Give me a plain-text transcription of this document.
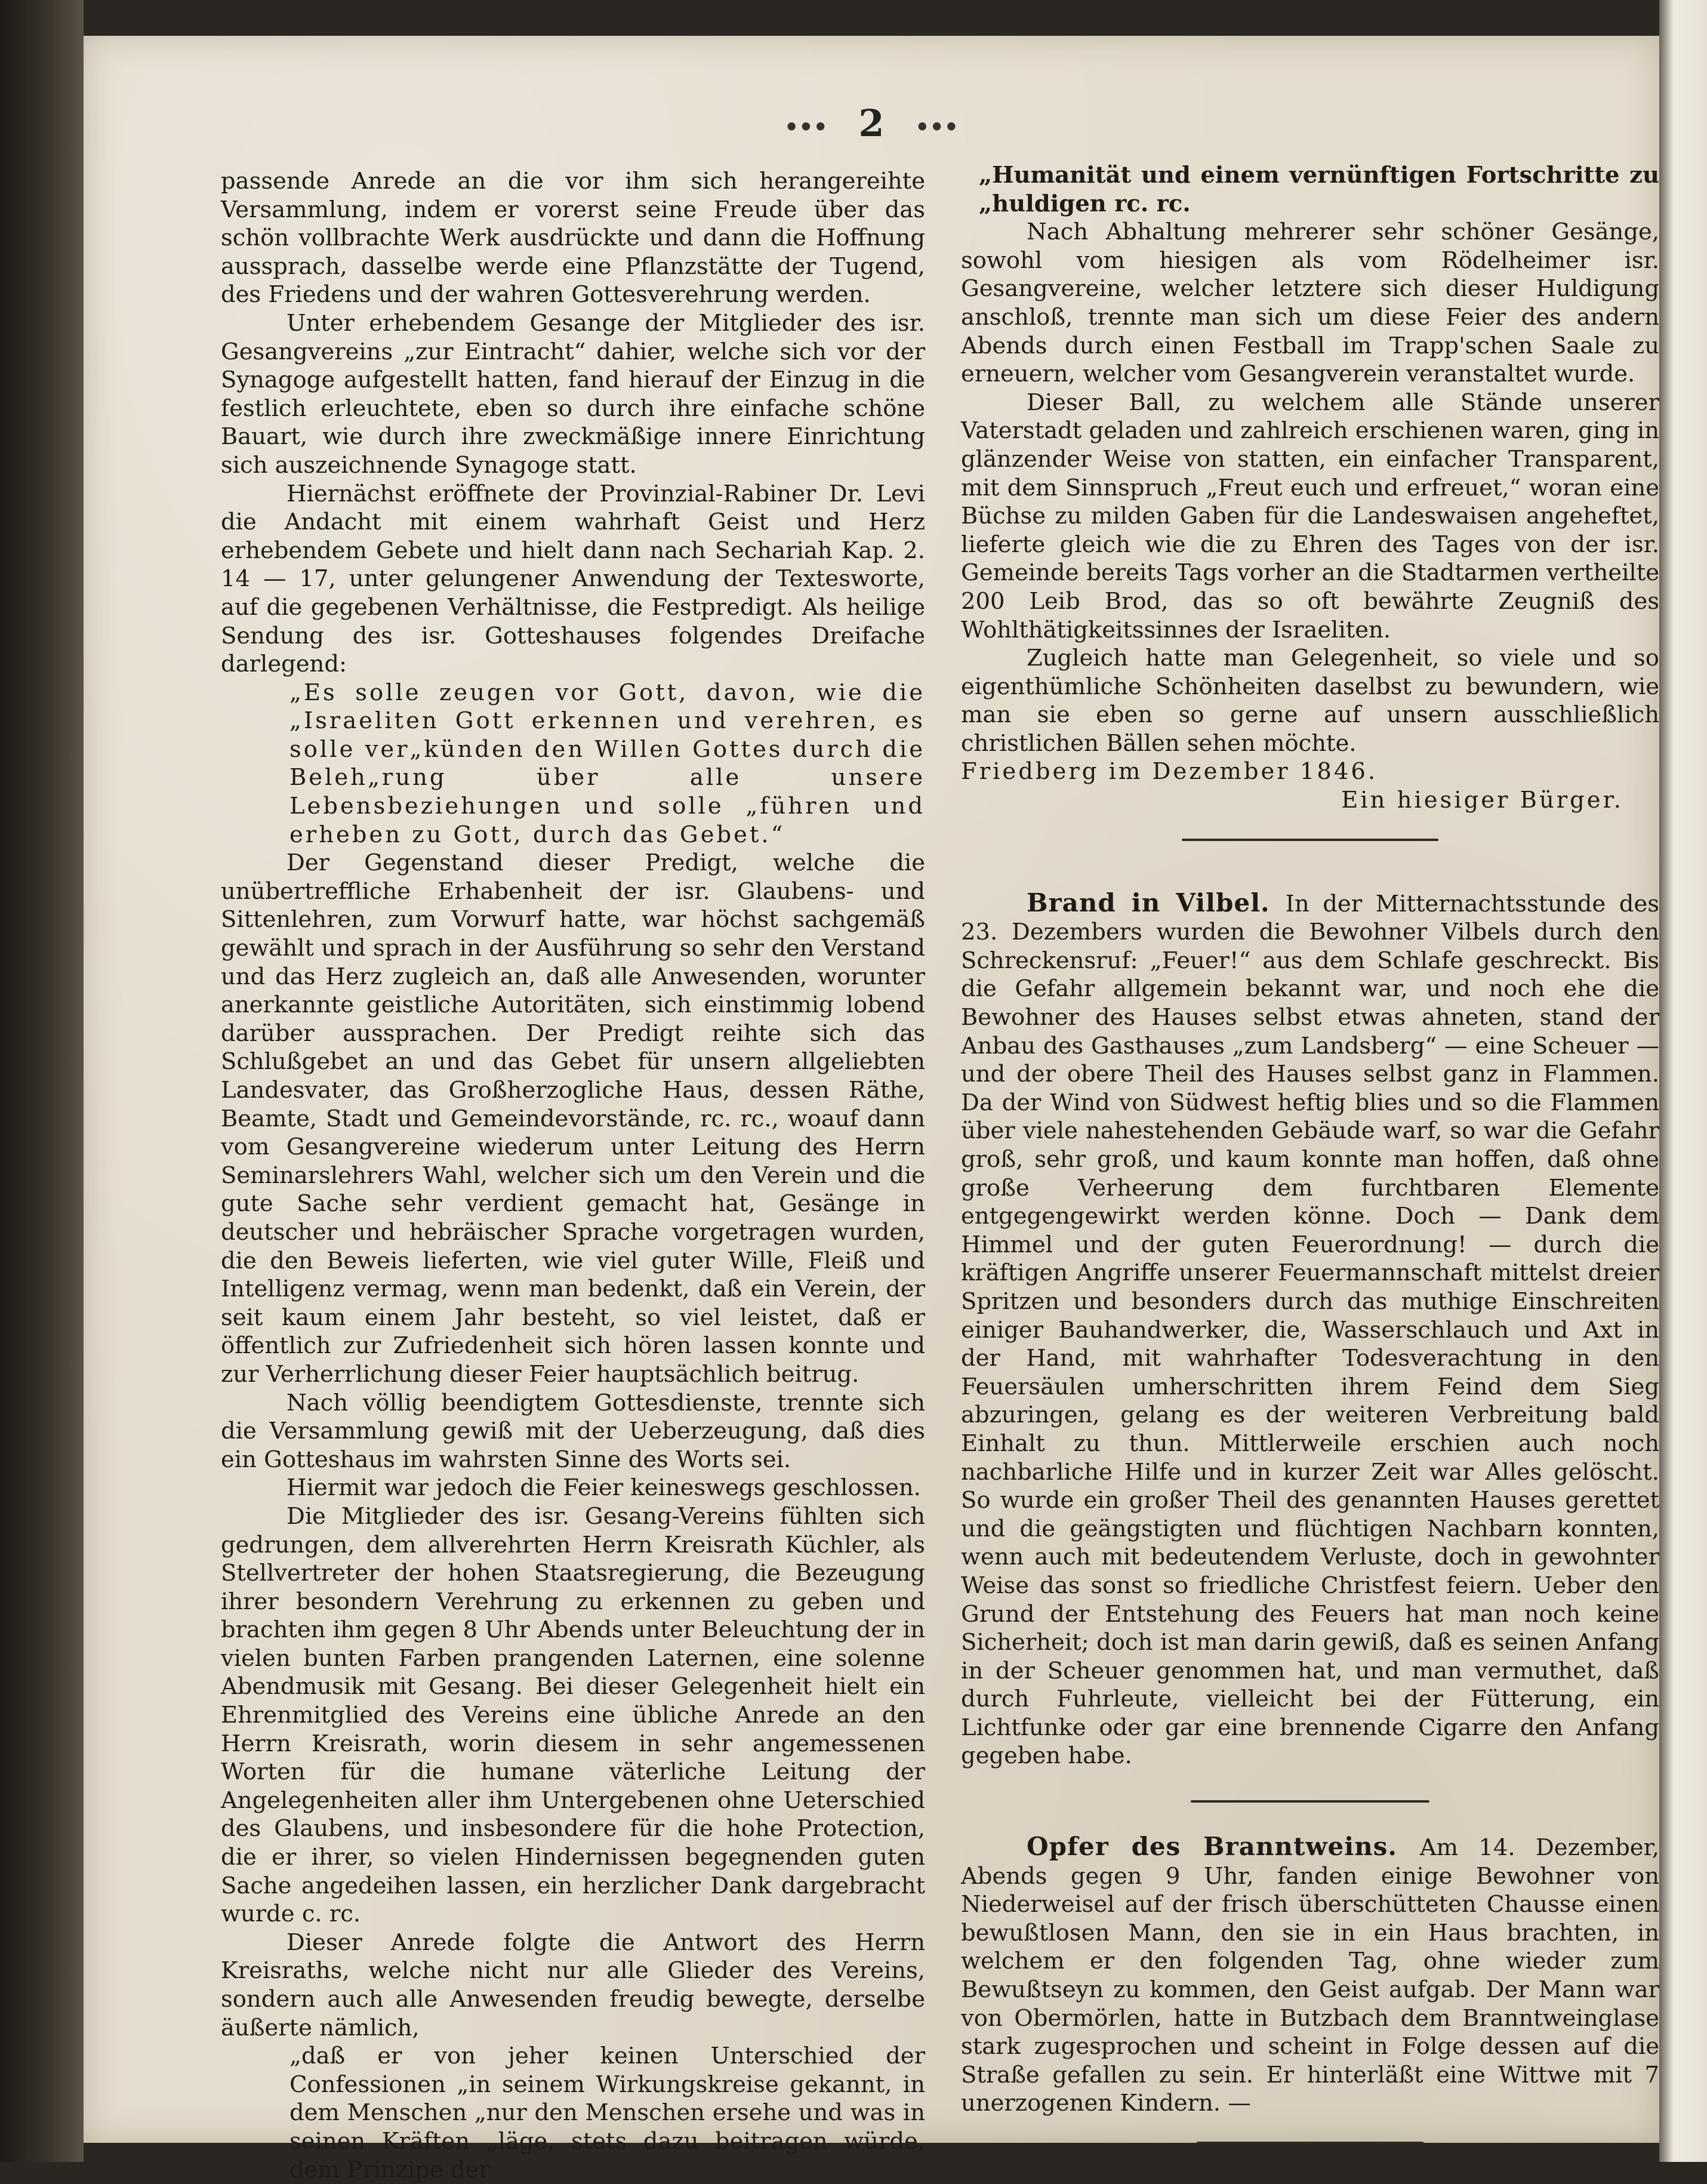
••• 2 •••

passende Anrede an die vor ihm sich herangereihte Versammlung, indem er vorerst seine Freude über das schön vollbrachte Werk ausdrückte und dann die Hoffnung aussprach, dasselbe werde eine Pflanzstätte der Tugend, des Friedens und der wahren Gottesverehrung werden.

Unter erhebendem Gesange der Mitglieder des isr. Gesangvereins „zur Eintracht“ dahier, welche sich vor der Synagoge aufgestellt hatten, fand hierauf der Einzug in die festlich erleuchtete, eben so durch ihre einfache schöne Bauart, wie durch ihre zweckmäßige innere Einrichtung sich auszeichnende Synagoge statt.

Hiernächst eröffnete der Provinzial-Rabiner Dr. Levi die Andacht mit einem wahrhaft Geist und Herz erhebendem Gebete und hielt dann nach Sechariah Kap. 2. 14 — 17, unter gelungener Anwendung der Textesworte, auf die gegebenen Verhältnisse, die Festpredigt. Als heilige Sendung des isr. Gotteshauses folgendes Dreifache darlegend:

„Es solle zeugen vor Gott, davon, wie die „Israeliten Gott erkennen und verehren, es solle ver„künden den Willen Gottes durch die Beleh„rung über alle unsere Lebensbeziehungen und solle „führen und erheben zu Gott, durch das Gebet.“

Der Gegenstand dieser Predigt, welche die unübertreffliche Erhabenheit der isr. Glaubens- und Sittenlehren, zum Vorwurf hatte, war höchst sachgemäß gewählt und sprach in der Ausführung so sehr den Verstand und das Herz zugleich an, daß alle Anwesenden, worunter anerkannte geistliche Autoritäten, sich einstimmig lobend darüber aussprachen. Der Predigt reihte sich das Schlußgebet an und das Gebet für unsern allgeliebten Landesvater, das Großherzogliche Haus, dessen Räthe, Beamte, Stadt und Gemeindevorstände, rc. rc., woauf dann vom Gesangvereine wiederum unter Leitung des Herrn Seminarslehrers Wahl, welcher sich um den Verein und die gute Sache sehr verdient gemacht hat, Gesänge in deutscher und hebräischer Sprache vorgetragen wurden, die den Beweis lieferten, wie viel guter Wille, Fleiß und Intelligenz vermag, wenn man bedenkt, daß ein Verein, der seit kaum einem Jahr besteht, so viel leistet, daß er öffentlich zur Zufriedenheit sich hören lassen konnte und zur Verherrlichung dieser Feier hauptsächlich beitrug.

Nach völlig beendigtem Gottesdienste, trennte sich die Versammlung gewiß mit der Ueberzeugung, daß dies ein Gotteshaus im wahrsten Sinne des Worts sei.

Hiermit war jedoch die Feier keineswegs geschlossen.

Die Mitglieder des isr. Gesang-Vereins fühlten sich gedrungen, dem allverehrten Herrn Kreisrath Küchler, als Stellvertreter der hohen Staatsregierung, die Bezeugung ihrer besondern Verehrung zu erkennen zu geben und brachten ihm gegen 8 Uhr Abends unter Beleuchtung der in vielen bunten Farben prangenden Laternen, eine solenne Abendmusik mit Gesang. Bei dieser Gelegenheit hielt ein Ehrenmitglied des Vereins eine übliche Anrede an den Herrn Kreisrath, worin diesem in sehr angemessenen Worten für die humane väterliche Leitung der Angelegenheiten aller ihm Untergebenen ohne Ueterschied des Glaubens, und insbesondere für die hohe Protection, die er ihrer, so vielen Hindernissen begegnenden guten Sache angedeihen lassen, ein herzlicher Dank dargebracht wurde c. rc.

Dieser Anrede folgte die Antwort des Herrn Kreisraths, welche nicht nur alle Glieder des Vereins, sondern auch alle Anwesenden freudig bewegte, derselbe äußerte nämlich,

„daß er von jeher keinen Unterschied der Confessionen „in seinem Wirkungskreise gekannt, in dem Menschen „nur den Menschen ersehe und was in seinen Kräften „läge, stets dazu beitragen würde, dem Prinzipe der

„Humanität und einem vernünftigen Fortschritte zu „huldigen rc. rc.

Nach Abhaltung mehrerer sehr schöner Gesänge, sowohl vom hiesigen als vom Rödelheimer isr. Gesangvereine, welcher letztere sich dieser Huldigung anschloß, trennte man sich um diese Feier des andern Abends durch einen Festball im Trapp'schen Saale zu erneuern, welcher vom Gesangverein veranstaltet wurde.

Dieser Ball, zu welchem alle Stände unserer Vaterstadt geladen und zahlreich erschienen waren, ging in glänzender Weise von statten, ein einfacher Transparent, mit dem Sinnspruch „Freut euch und erfreuet,“ woran eine Büchse zu milden Gaben für die Landeswaisen angeheftet, lieferte gleich wie die zu Ehren des Tages von der isr. Gemeinde bereits Tags vorher an die Stadtarmen vertheilte 200 Leib Brod, das so oft bewährte Zeugniß des Wohlthätigkeitssinnes der Israeliten.

Zugleich hatte man Gelegenheit, so viele und so eigenthümliche Schönheiten daselbst zu bewundern, wie man sie eben so gerne auf unsern ausschließlich christlichen Bällen sehen möchte.

Friedberg im Dezember 1846.

Ein hiesiger Bürger.

Brand in Vilbel. In der Mitternachtsstunde des 23. Dezembers wurden die Bewohner Vilbels durch den Schreckensruf: „Feuer!“ aus dem Schlafe geschreckt. Bis die Gefahr allgemein bekannt war, und noch ehe die Bewohner des Hauses selbst etwas ahneten, stand der Anbau des Gasthauses „zum Landsberg“ — eine Scheuer — und der obere Theil des Hauses selbst ganz in Flammen. Da der Wind von Südwest heftig blies und so die Flammen über viele nahestehenden Gebäude warf, so war die Gefahr groß, sehr groß, und kaum konnte man hoffen, daß ohne große Verheerung dem furchtbaren Elemente entgegengewirkt werden könne. Doch — Dank dem Himmel und der guten Feuerordnung! — durch die kräftigen Angriffe unserer Feuermannschaft mittelst dreier Spritzen und besonders durch das muthige Einschreiten einiger Bauhandwerker, die, Wasserschlauch und Axt in der Hand, mit wahrhafter Todesverachtung in den Feuersäulen umherschritten ihrem Feind dem Sieg abzuringen, gelang es der weiteren Verbreitung bald Einhalt zu thun. Mittlerweile erschien auch noch nachbarliche Hilfe und in kurzer Zeit war Alles gelöscht. So wurde ein großer Theil des genannten Hauses gerettet und die geängstigten und flüchtigen Nachbarn konnten, wenn auch mit bedeutendem Verluste, doch in gewohnter Weise das sonst so friedliche Christfest feiern. Ueber den Grund der Entstehung des Feuers hat man noch keine Sicherheit; doch ist man darin gewiß, daß es seinen Anfang in der Scheuer genommen hat, und man vermuthet, daß durch Fuhrleute, vielleicht bei der Fütterung, ein Lichtfunke oder gar eine brennende Cigarre den Anfang gegeben habe.

Opfer des Branntweins. Am 14. Dezember, Abends gegen 9 Uhr, fanden einige Bewohner von Niederweisel auf der frisch überschütteten Chausse einen bewußtlosen Mann, den sie in ein Haus brachten, in welchem er den folgenden Tag, ohne wieder zum Bewußtseyn zu kommen, den Geist aufgab. Der Mann war von Obermörlen, hatte in Butzbach dem Branntweinglase stark zugesprochen und scheint in Folge dessen auf die Straße gefallen zu sein. Er hinterläßt eine Wittwe mit 7 unerzogenen Kindern. —
